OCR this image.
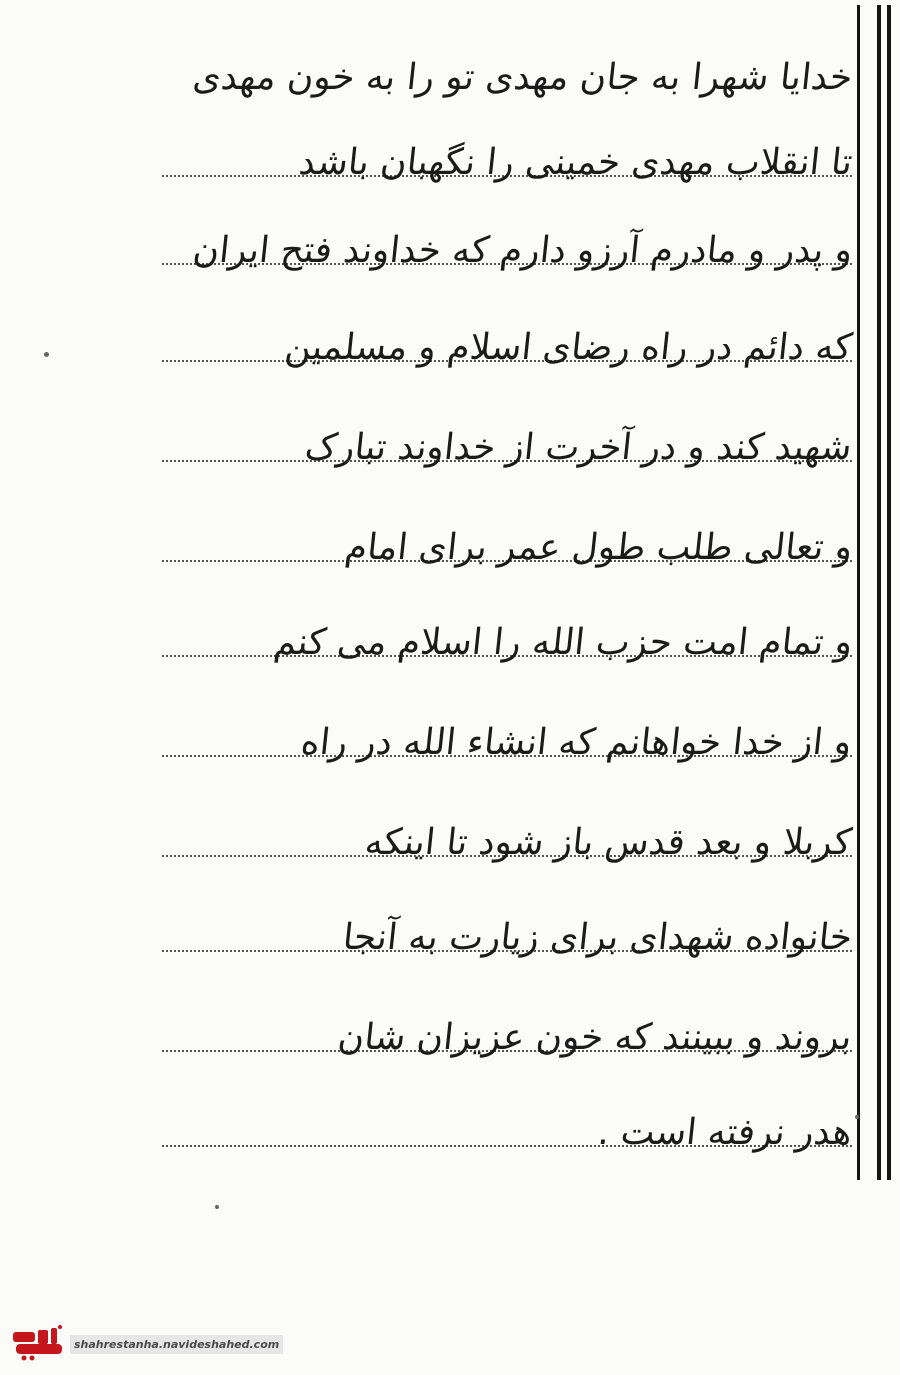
خدایا شهرا به جان مهدی تو را به خون مهدی
تا انقلاب مهدی خمینی را نگهبان باشد
و پدر و مادرم آرزو دارم که خداوند فتح ایران
که دائم در راه رضای اسلام و مسلمین
شهید کند و در آخرت از خداوند تبارک
و تعالی طلب طول عمر برای امام
و تمام امت حزب الله را اسلام می کنم
و از خدا خواهانم که انشاء الله در راه
کربلا و بعد قدس باز شود تا اینکه
خانواده شهدای برای زیارت به آنجا
بروند و ببینند که خون عزیزان شان
هدر نرفته است .
shahrestanha.navideshahed.com
